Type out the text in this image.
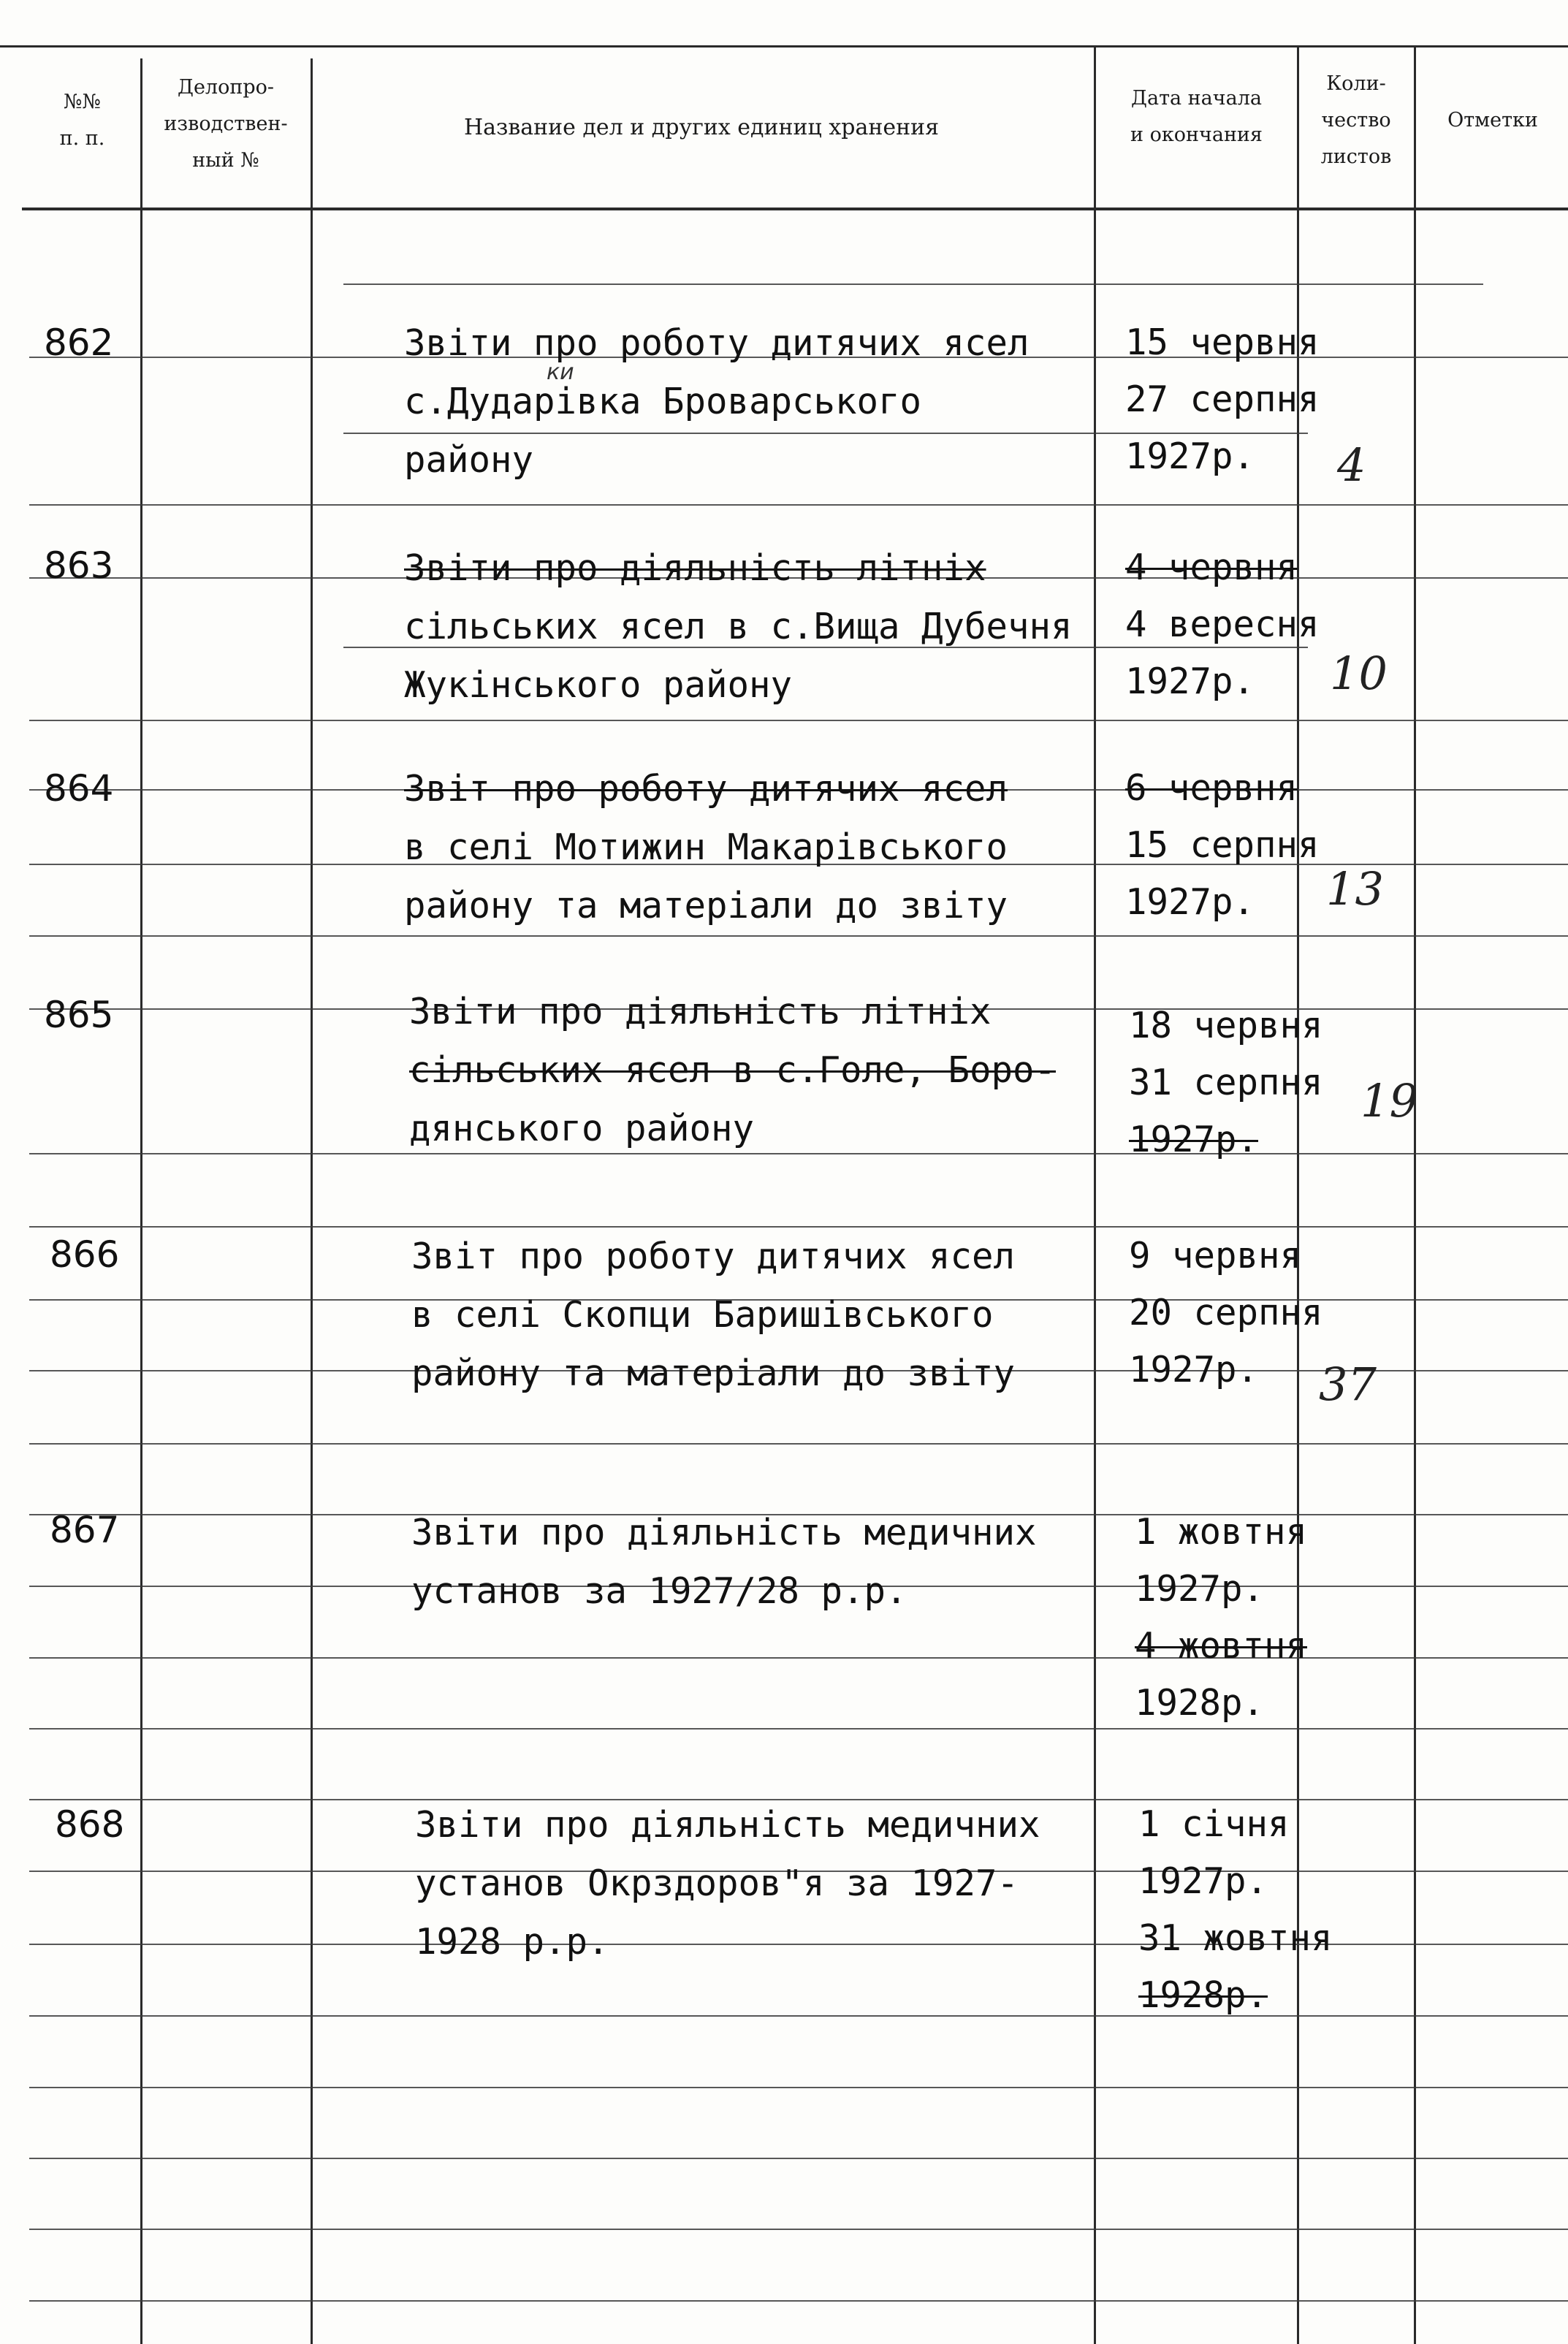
№№
п. п.
Делопро-
изводствен-
ный №
Название дел и других единиц хранения
Дата начала
и окончания
Коли-
чество
листов
Отметки
862	Звіти про роботу дитячих ясел
с.Дударівка Броварського
району
15 червня
27 серпня
1927р.	4
ки
863	Звіти про діяльність літніх
сільських ясел в с.Вища Дубечня
Жукінського району
4 червня
4 вересня
1927р.	10
864	Звіт про роботу дитячих ясел
в селі Мотижин Макарівського
району та матеріали до звіту
6 червня
15 серпня
1927р.	13
865	Звіти про діяльність літніх
сільських ясел в с.Голе, Боро-
дянського району
18 червня
31 серпня
1927р.
19
866	Звіт про роботу дитячих ясел
в селі Скопци Баришівського
району та матеріали до звіту
9 червня
20 серпня
1927р.	37
867	Звіти про діяльність медичних
установ за 1927/28 р.р.
1 жовтня
1927р.
4 жовтня
1928р.
868	Звіти про діяльність медичних
установ Окрздоров"я за 1927-
1928 р.р.
1 січня
1927р.
31 жовтня
1928р.
